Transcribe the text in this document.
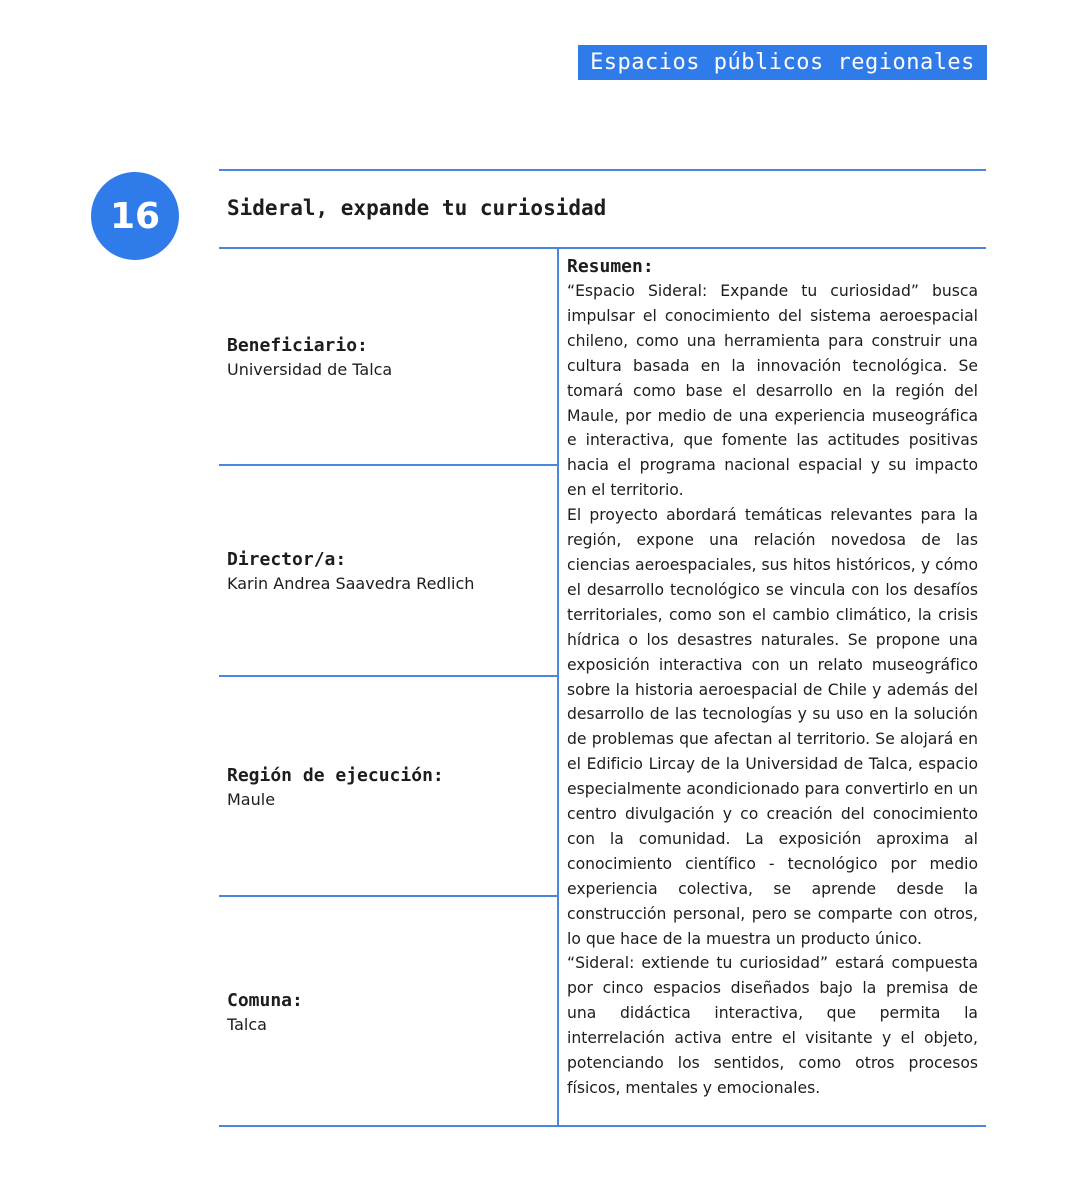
Espacios públicos regionales
16	Sideral, expande tu curiosidad
Beneficiario:
Universidad de Talca
Director/a:
Karin Andrea Saavedra Redlich
Región de ejecución:
Maule
Comuna:
Talca
Resumen:

“Espacio Sideral: Expande tu curiosidad” busca impulsar el conocimiento del sistema aeroespacial chileno, como una herramienta para construir una cultura basada en la innovación tecnológica. Se tomará como base el desarrollo en la región del Maule, por medio de una experiencia museográfica e interactiva, que fomente las actitudes positivas hacia el programa nacional espacial y su impacto en el territorio.

El proyecto abordará temáticas relevantes para la región, expone una relación novedosa de las ciencias aeroespaciales, sus hitos históricos, y cómo el desarrollo tecnológico se vincula con los desafíos territoriales, como son el cambio climático, la crisis hídrica o los desastres naturales. Se propone una exposición interactiva con un relato museográfico sobre la historia aeroespacial de Chile y además del desarrollo de las tecnologías y su uso en la solución de problemas que afectan al territorio. Se alojará en el Edificio Lircay de la Universidad de Talca, espacio especialmente acondicionado para convertirlo en un centro divulgación y co creación del conocimiento con la comunidad. La exposición aproxima al conocimiento científico - tecnológico por medio experiencia colectiva, se aprende desde la construcción personal, pero se comparte con otros, lo que hace de la muestra un producto único.

“Sideral: extiende tu curiosidad” estará compuesta por cinco espacios diseñados bajo la premisa de una didáctica interactiva, que permita la interrelación activa entre el visitante y el objeto, potenciando los sentidos, como otros procesos físicos, mentales y emocionales.
